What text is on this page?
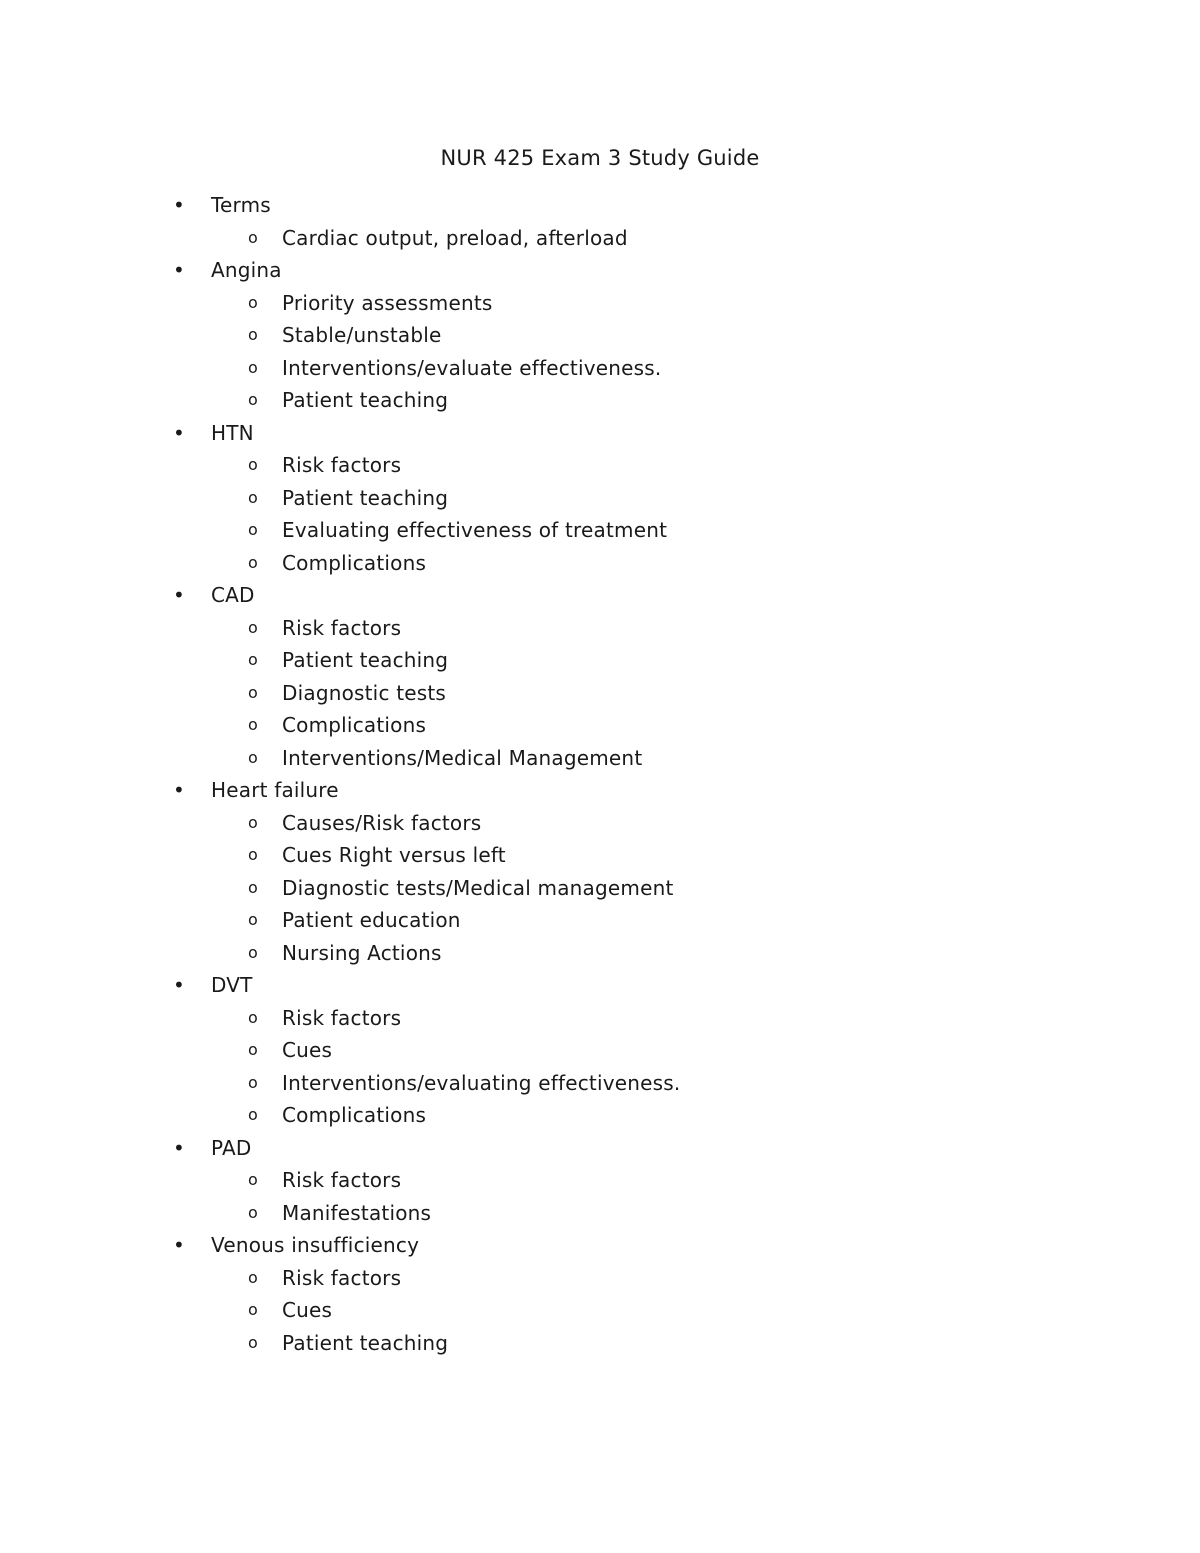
NUR 425 Exam 3 Study Guide
• Terms
o Cardiac output, preload, afterload
• Angina
o Priority assessments
o Stable/unstable
o Interventions/evaluate effectiveness.
o Patient teaching
• HTN
o Risk factors
o Patient teaching
o Evaluating effectiveness of treatment
o Complications
• CAD
o Risk factors
o Patient teaching
o Diagnostic tests
o Complications
o Interventions/Medical Management
• Heart failure
o Causes/Risk factors
o Cues Right versus left
o Diagnostic tests/Medical management
o Patient education
o Nursing Actions
• DVT
o Risk factors
o Cues
o Interventions/evaluating effectiveness.
o Complications
• PAD
o Risk factors
o Manifestations
• Venous insufficiency
o Risk factors
o Cues
o Patient teaching
